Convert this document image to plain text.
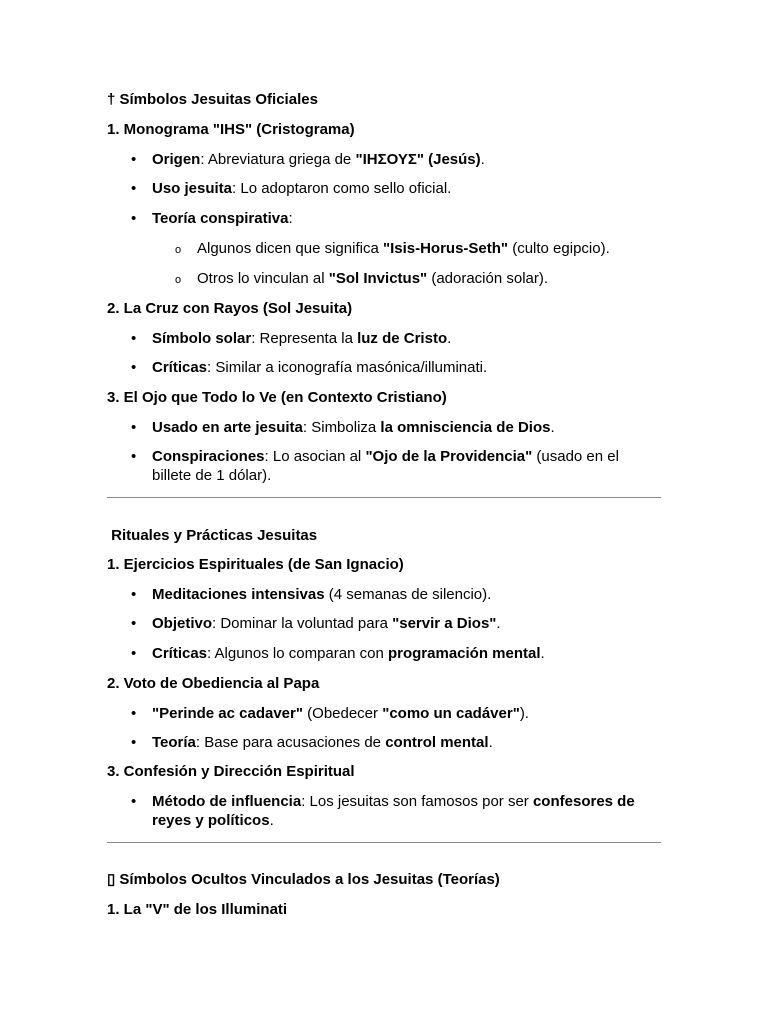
† Símbolos Jesuitas Oficiales
1. Monograma "IHS" (Cristograma)
• Origen: Abreviatura griega de "IHΣΟΥΣ" (Jesús).
• Uso jesuita: Lo adoptaron como sello oficial.
• Teoría conspirativa:
o Algunos dicen que significa "Isis-Horus-Seth" (culto egipcio).
o Otros lo vinculan al "Sol Invictus" (adoración solar).
2. La Cruz con Rayos (Sol Jesuita)
• Símbolo solar: Representa la luz de Cristo.
• Críticas: Similar a iconografía masónica/illuminati.
3. El Ojo que Todo lo Ve (en Contexto Cristiano)
• Usado en arte jesuita: Simboliza la omnisciencia de Dios.
• Conspiraciones: Lo asocian al "Ojo de la Providencia" (usado en el
billete de 1 dólar).
Rituales y Prácticas Jesuitas
1. Ejercicios Espirituales (de San Ignacio)
• Meditaciones intensivas (4 semanas de silencio).
• Objetivo: Dominar la voluntad para "servir a Dios".
• Críticas: Algunos lo comparan con programación mental.
2. Voto de Obediencia al Papa
• "Perinde ac cadaver" (Obedecer "como un cadáver").
• Teoría: Base para acusaciones de control mental.
3. Confesión y Dirección Espiritual
• Método de influencia: Los jesuitas son famosos por ser confesores de
reyes y políticos.
▯ Símbolos Ocultos Vinculados a los Jesuitas (Teorías)
1. La "V" de los Illuminati
